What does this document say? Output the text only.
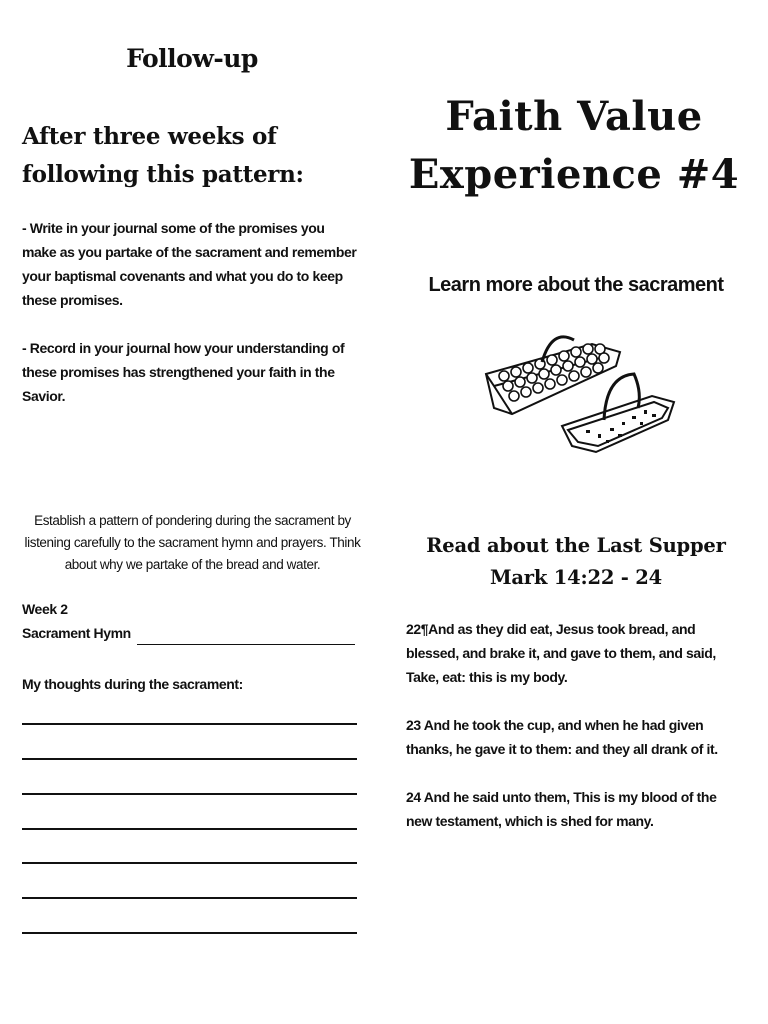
Follow-up
After three weeks of following this pattern:

- Write in your journal some of the promises you make as you partake of the sacrament and remember your baptismal covenants and what you do to keep these promises.

- Record in your journal how your understanding of these promises has strengthened your faith in the Savior.

Establish a pattern of pondering during the sacrament by listening carefully to the sacrament hymn and prayers. Think about why we partake of the bread and water.
Week 2
Sacrament Hymn
My thoughts during the sacrament:
Faith Value
Experience #4
Learn more about the sacrament
Read about the Last Supper
Mark 14:22 - 24

22¶And as they did eat, Jesus took bread, and blessed, and brake it, and gave to them, and said, Take, eat: this is my body.

23 And he took the cup, and when he had given thanks, he gave it to them: and they all drank of it.

24 And he said unto them, This is my blood of the new testament, which is shed for many.
